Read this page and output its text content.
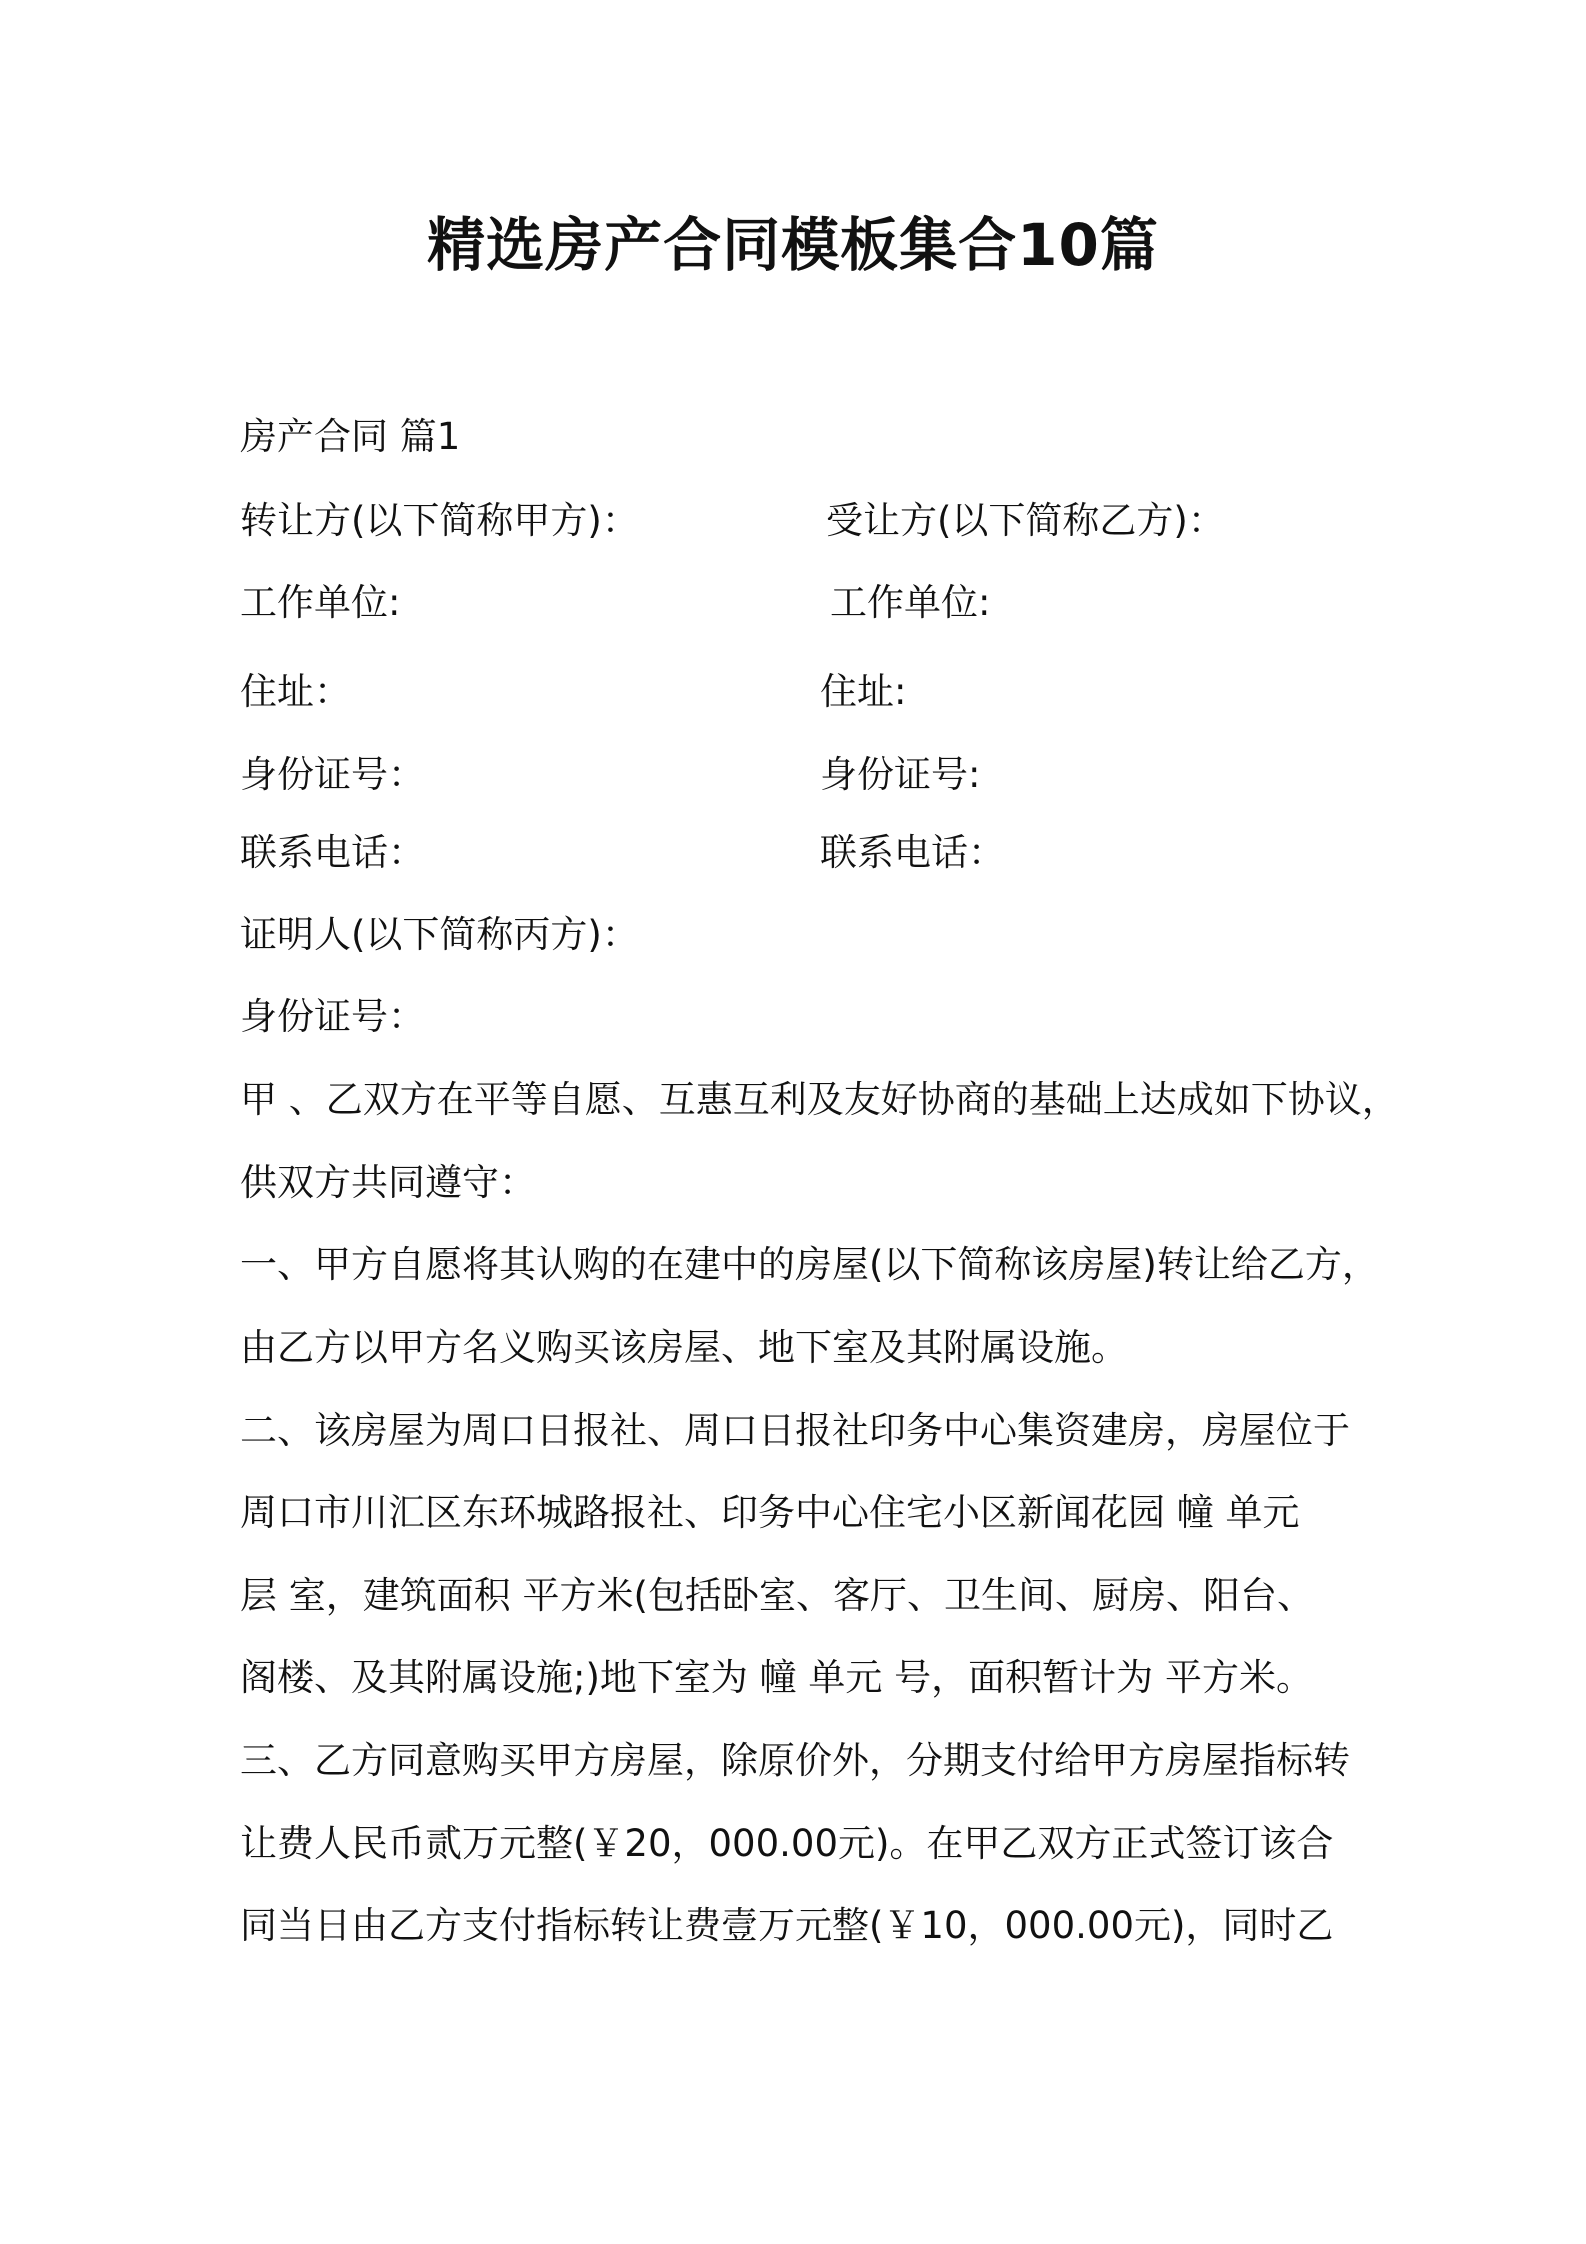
精选房产合同模板集合10篇
房产合同 篇1
转让方(以下简称甲方)：	受让方(以下简称乙方)：
工作单位:	工作单位:
住址：	住址:
身份证号：	身份证号:
联系电话：	联系电话：
证明人(以下简称丙方)：
身份证号：
甲 、乙双方在平等自愿、互惠互利及友好协商的基础上达成如下协议，
供双方共同遵守：
一、甲方自愿将其认购的在建中的房屋(以下简称该房屋)转让给乙方，
由乙方以甲方名义购买该房屋、地下室及其附属设施。
二、该房屋为周口日报社、周口日报社印务中心集资建房，房屋位于
周口市川汇区东环城路报社、印务中心住宅小区新闻花园 幢 单元
层 室，建筑面积 平方米(包括卧室、客厅、卫生间、厨房、阳台、
阁楼、及其附属设施;)地下室为 幢 单元 号，面积暂计为 平方米。
三、乙方同意购买甲方房屋，除原价外，分期支付给甲方房屋指标转
让费人民币贰万元整(￥20，000.00元)。在甲乙双方正式签订该合
同当日由乙方支付指标转让费壹万元整(￥10，000.00元)，同时乙
